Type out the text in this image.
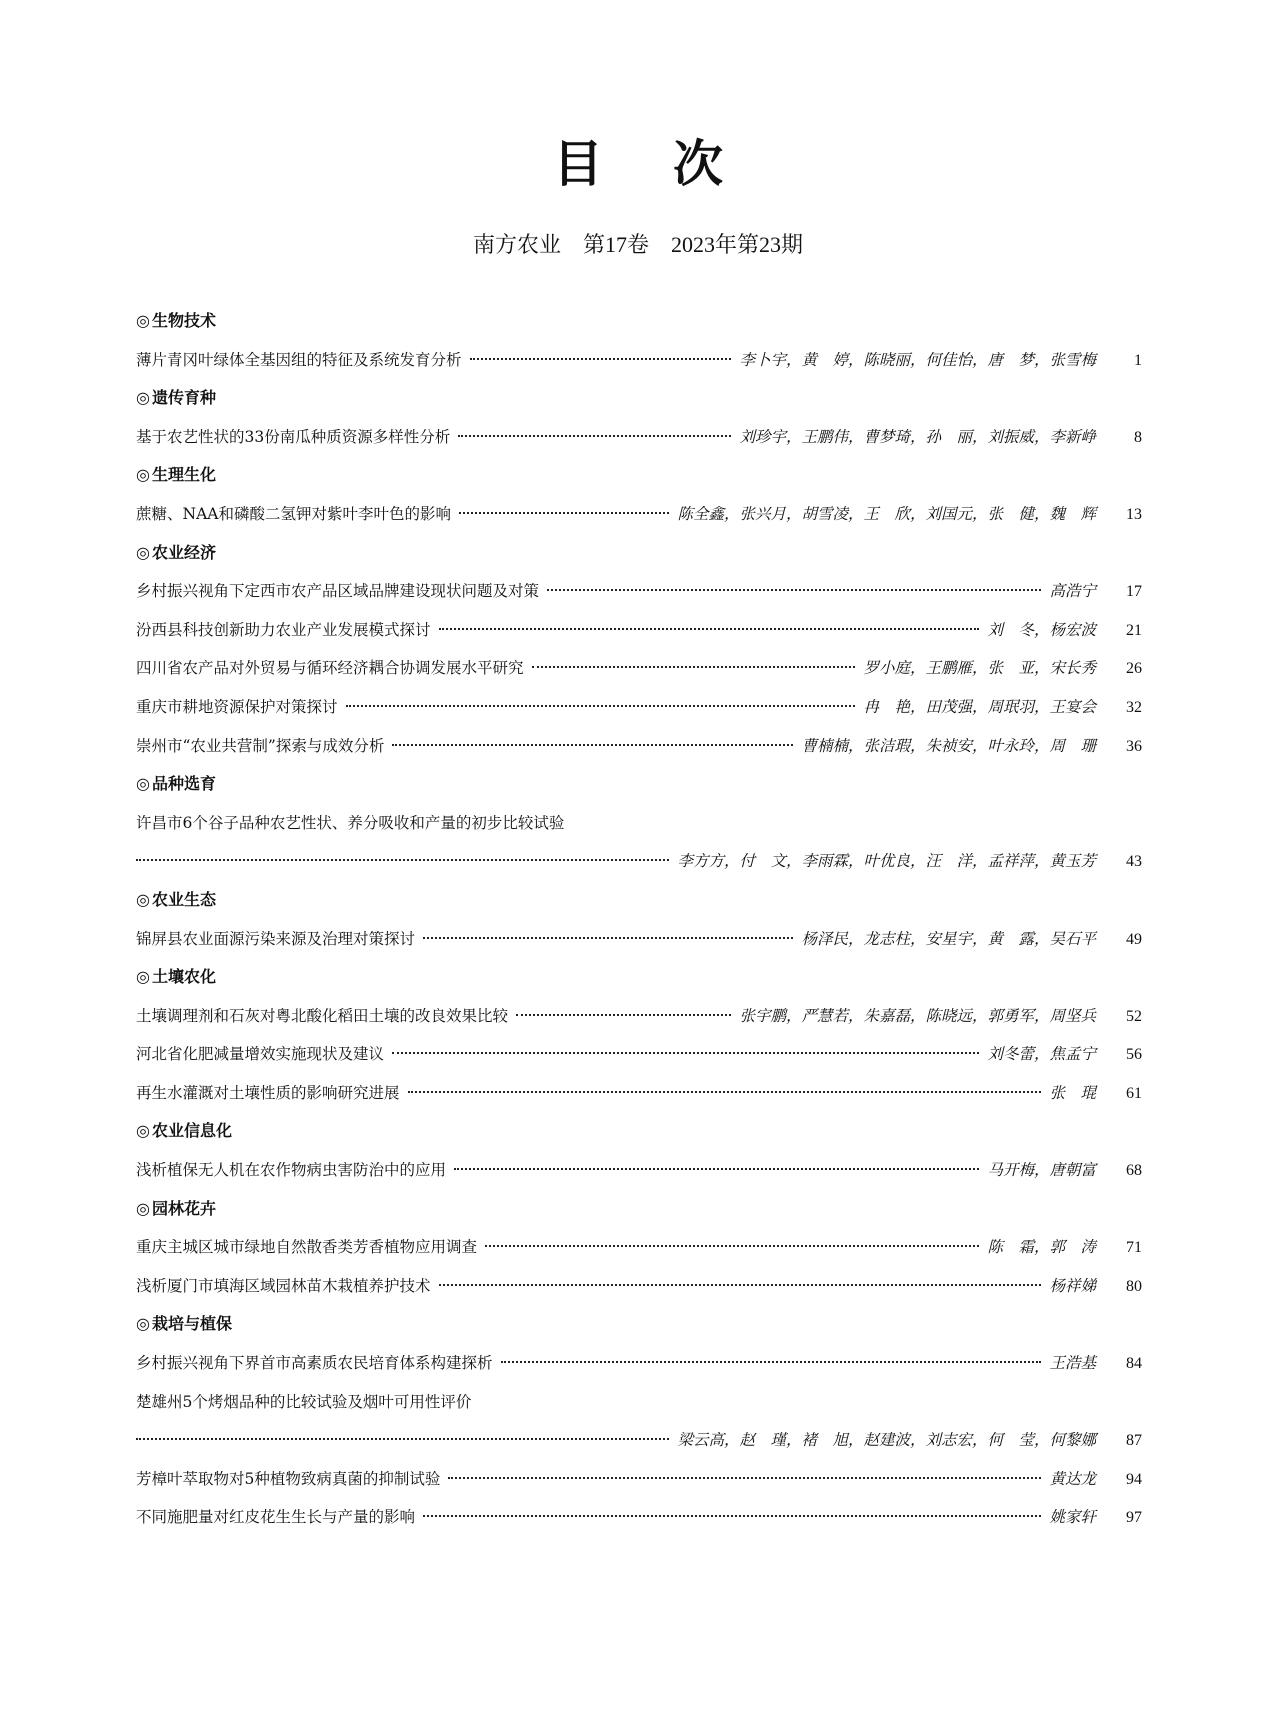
目次
南方农业　第17卷　2023年第23期
◎ 生物技术
薄片青冈叶绿体全基因组的特征及系统发育分析	李卜宇，黄　婷，陈晓丽，何佳怡，唐　梦，张雪梅	1
◎ 遗传育种
基于农艺性状的33份南瓜种质资源多样性分析	刘珍宇，王鹏伟，曹梦琦，孙　丽，刘振威，李新峥	8
◎ 生理生化
蔗糖、NAA和磷酸二氢钾对紫叶李叶色的影响	陈全鑫，张兴月，胡雪凌，王　欣，刘国元，张　健，魏　辉	13
◎ 农业经济
乡村振兴视角下定西市农产品区域品牌建设现状问题及对策	高浩宁	17
汾西县科技创新助力农业产业发展模式探讨	刘　冬，杨宏波	21
四川省农产品对外贸易与循环经济耦合协调发展水平研究	罗小庭，王鹏雁，张　亚，宋长秀	26
重庆市耕地资源保护对策探讨	冉　艳，田茂强，周珉羽，王宴会	32
崇州市“农业共营制”探索与成效分析	曹楠楠，张洁瑕，朱祯安，叶永玲，周　珊	36
◎ 品种选育
许昌市6个谷子品种农艺性状、养分吸收和产量的初步比较试验
李方方，付　文，李雨霖，叶优良，汪　洋，孟祥萍，黄玉芳	43
◎ 农业生态
锦屏县农业面源污染来源及治理对策探讨	杨泽民，龙志柱，安星宇，黄　露，吴石平	49
◎ 土壤农化
土壤调理剂和石灰对粤北酸化稻田土壤的改良效果比较	张宇鹏，严慧若，朱嘉磊，陈晓远，郭勇军，周坚兵	52
河北省化肥减量增效实施现状及建议	刘冬蕾，焦孟宁	56
再生水灌溉对土壤性质的影响研究进展	张　琨	61
◎ 农业信息化
浅析植保无人机在农作物病虫害防治中的应用	马开梅，唐朝富	68
◎ 园林花卉
重庆主城区城市绿地自然散香类芳香植物应用调查	陈　霜，郭　涛	71
浅析厦门市填海区域园林苗木栽植养护技术	杨祥娣	80
◎ 栽培与植保
乡村振兴视角下界首市高素质农民培育体系构建探析	王浩基	84
楚雄州5个烤烟品种的比较试验及烟叶可用性评价
梁云高，赵　瑾，褚　旭，赵建波，刘志宏，何　莹，何黎娜	87
芳樟叶萃取物对5种植物致病真菌的抑制试验	黄达龙	94
不同施肥量对红皮花生生长与产量的影响	姚家轩	97
